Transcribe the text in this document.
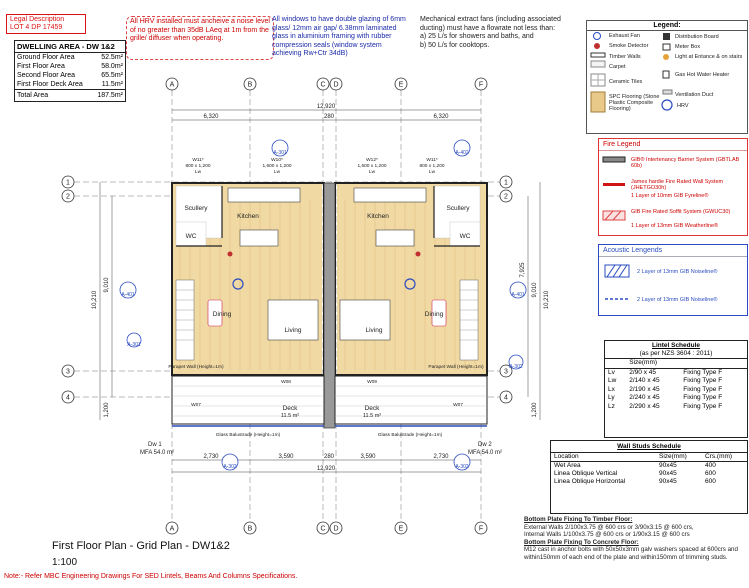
Legal Description
LOT 4 DP 17459
DWELLING AREA - DW 1&2
Ground Floor Area	52.5m²
First Floor Area	58.0m²
Second Floor Area	65.5m²
First Floor Deck Area	11.5m²
Total Area	187.5m²
All HRV installed must ancheive a noise level of no greater than 35dB LAeq at 1m from the grille/ diffuser when operating.
All windows to have double glazing of 6mm glass/ 12mm air gap/ 6.38mm laminated glass in aluminium framing with rubber compression seals (window system achieving Rw+Ctr 34dB)
Mechanical extract fans (including associated ducting) must have a flowrate not less than:
a) 25 L/s for showers and baths, and
b) 50 L/s for cooktops.
Legend:
Exhaust Fan
Smoke Detector
Timber Walls
Carpet
Ceramic Tiles
SPC Flooring (Stone Plastic Composite Flooring)
Distribution Board
Meter Box
Light at Entance & on stairs
Gas Hot Water Heater
Ventilation Duct
HRV
Fire Legend
GIB® Intertenancy Barrier System (GBTLAB 60b)
James hardie Fire Rated Wall System (JHETGO30h)
1 Layer of 10mm GIB Fyreline®
GIB Fire Rated Soffit System (GWUC30)
1 Layer of 13mm GIB Weatherline®
Acoustic Lengends
2 Layer of 13mm GIB Noiseline®
2 Layer of 13mm GIB Noiseline®
Lintel Schedule
(as per NZS 3604 : 2011)
	Size(mm)	
Lv	2/90 x 45	Fixing Type F
Lw	2/140 x 45	Fixing Type F
Lx	2/190 x 45	Fixing Type F
Ly	2/240 x 45	Fixing Type F
Lz	2/290 x 45	Fixing Type F
Wall Studs Schedule
Location	Size(mm)	Crs.(mm)
Wet Area	90x45	400
Linea Oblique Vertical	90x45	600
Linea Oblique Horizontal	90x45	600
Bottom Plate Fixing To Timber Floor:
External Walls 2/100x3.75 @ 600 crs or 3/90x3.15 @ 600 crs,
Internal Walls 1/100x3.75 @ 600 crs or 1/90x3.15 @ 600 crs
Bottom Plate Fixing To Concrete Floor:
M12 cast in anchor bolts with 50x50x3mm galv washers spaced at 600crs and within150mm of each end of the plate and within150mm of trimming studs.
A	B	C D	E	F
A	B	C D	E	F
1
2
3
4
1
2
3
4
12,920
6,320	280	6,320
2,730	3,590	280	3,590	2,730
12,920
9,010
10,210
1,200
7,925
9,010
10,210
1,200
Scullery
Kitchen	Kitchen
Scullery
WC	WC
Dining
Living	Living
Dining
Deck	Deck
11.5 m²	11.5 m²
W11*
800 x 1,200
Lw
W10*
1,600 x 1,200
Lw
W12*
1,600 x 1,200
Lw
W11*
800 x 1,200
Lw
W07
W08	W09
W07
Parapet Wall (Height=1m)	Parapet Wall (Height=1m)
Glass Balustrade (Height=1m)	Glass Balustrade (Height=1m)
Dw 1
MFA 54.0 m²
Dw 2
MFA 54.0 m²
A-401	A-401
A-301	A-402
A-302	A-302
A-301
A-302
First Floor Plan - Grid Plan - DW1&2
1:100
Note:- Refer MBC Engineering Drawings For SED Lintels, Beams And Columns Specifications.
